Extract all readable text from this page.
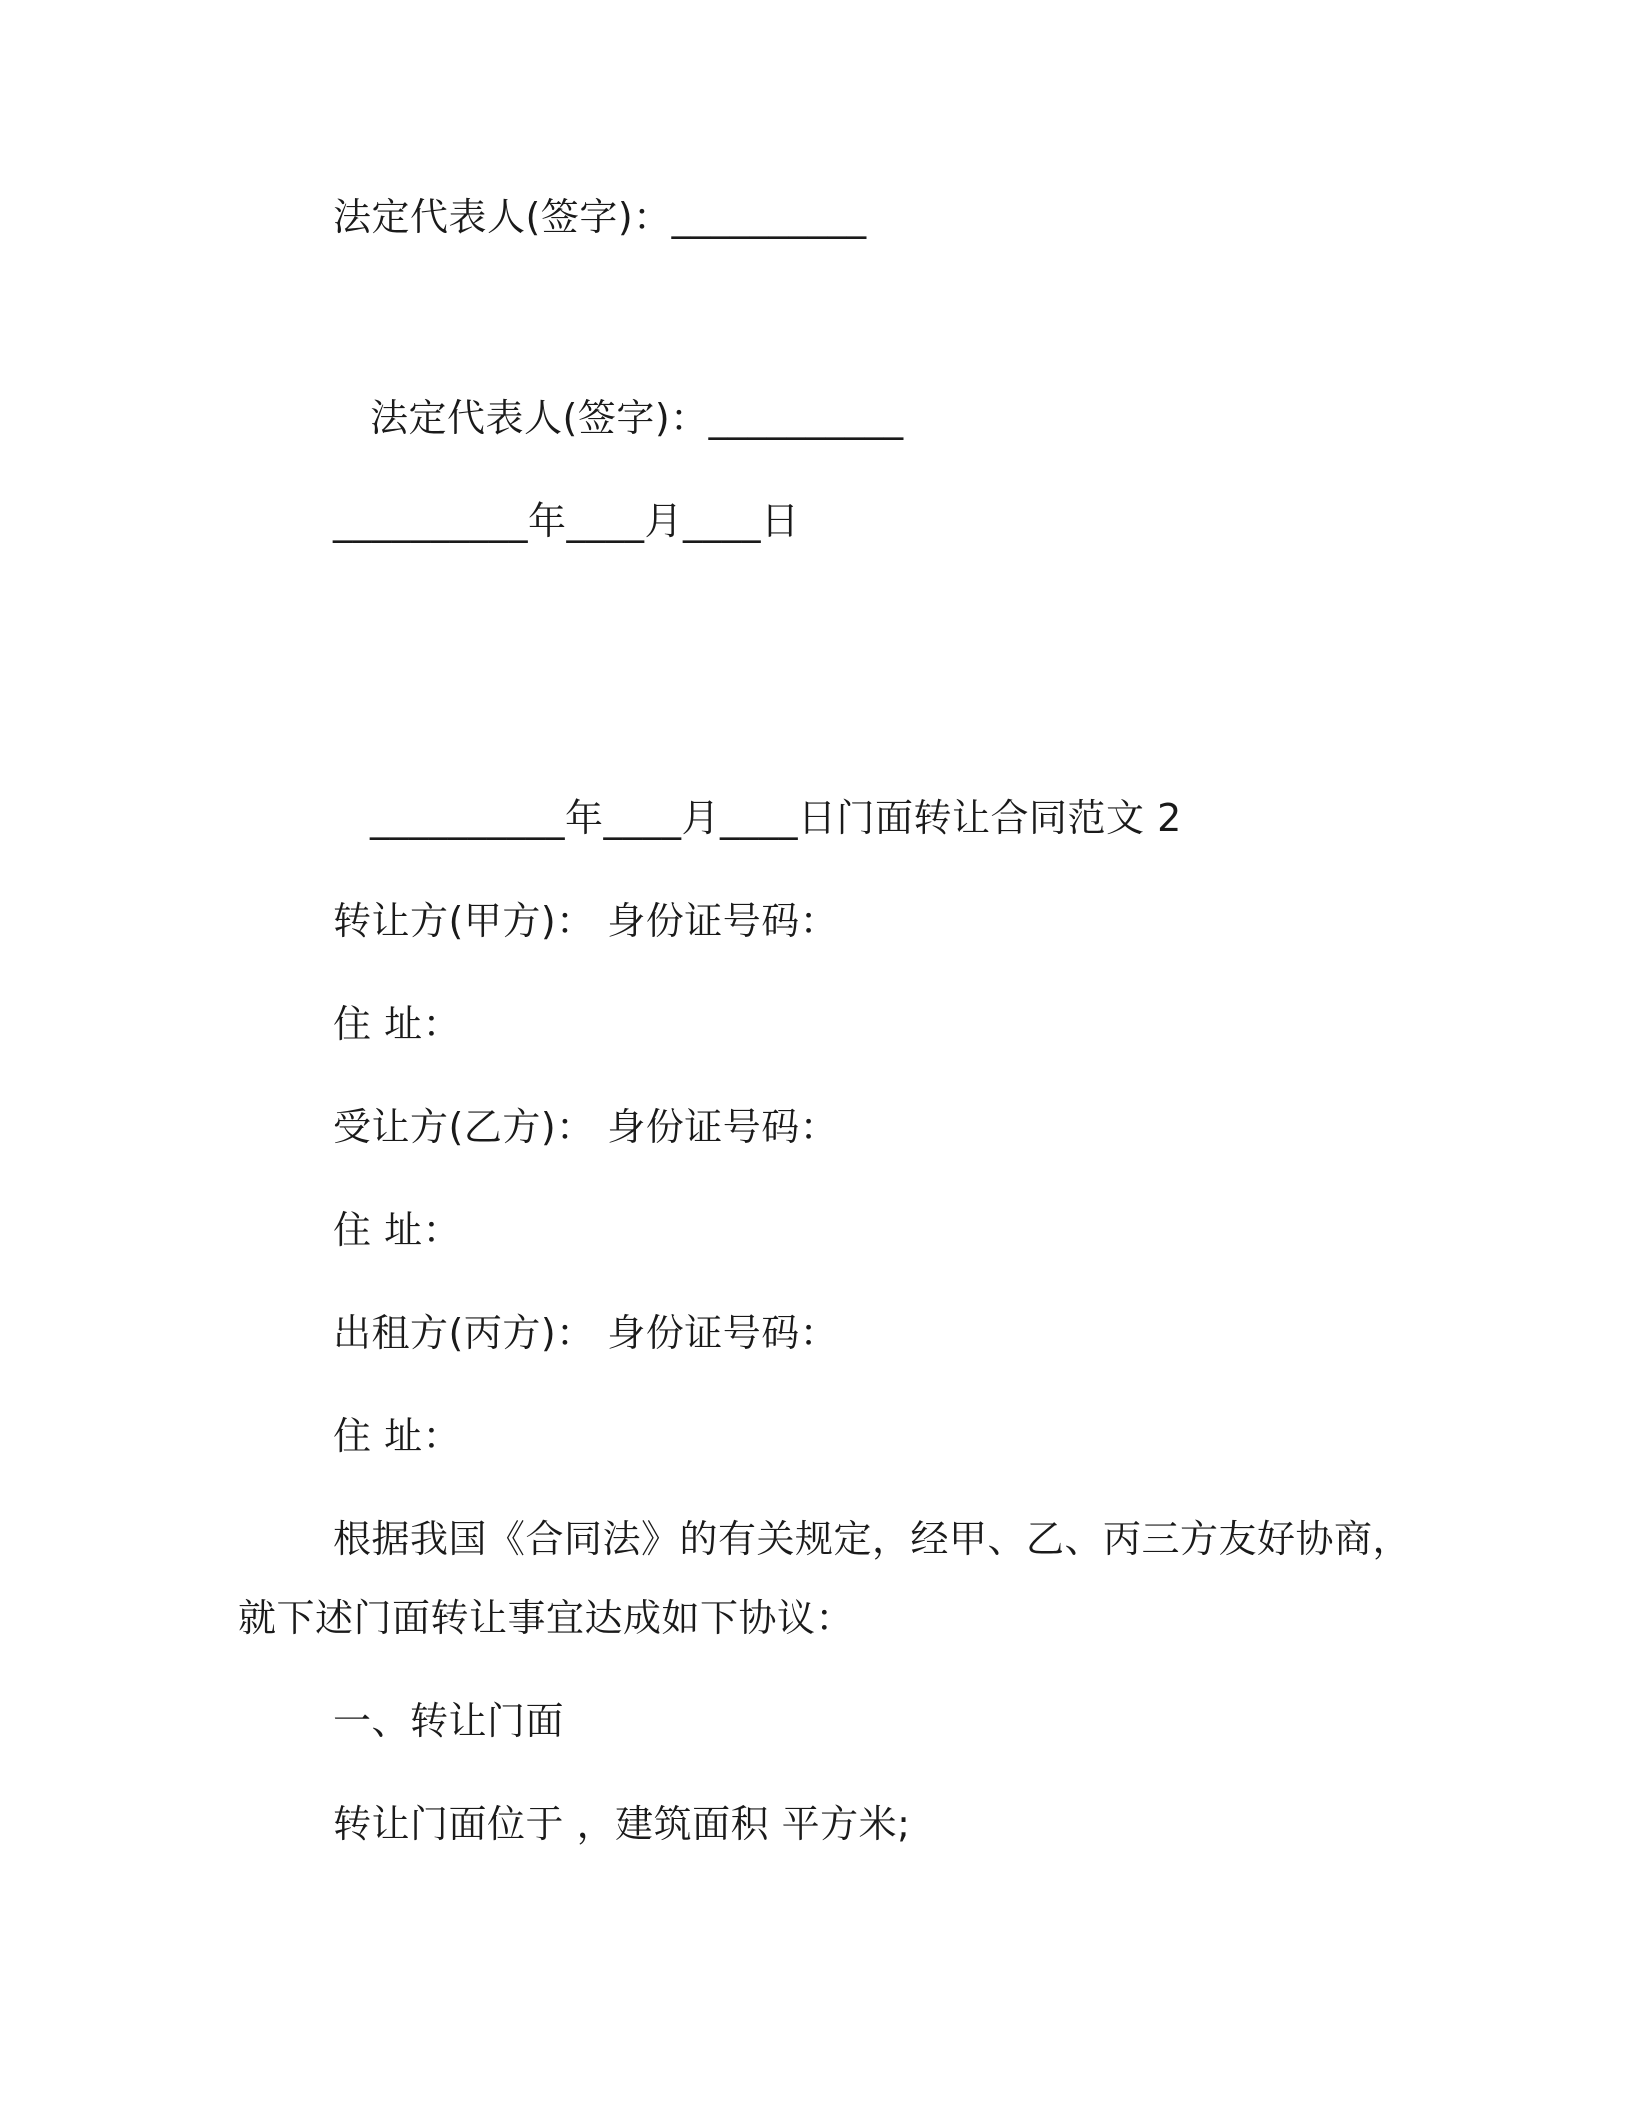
法定代表人(签字)：__________
法定代表人(签字)：__________
__________年____月____日
__________年____月____日门面转让合同范文 2
转让方(甲方)： 身份证号码：
住 址：
受让方(乙方)： 身份证号码：
住 址：
出租方(丙方)： 身份证号码：
住 址：
根据我国《合同法》的有关规定，经甲、乙、丙三方友好协商，
就下述门面转让事宜达成如下协议：
一、转让门面
转让门面位于 ，建筑面积 平方米;
